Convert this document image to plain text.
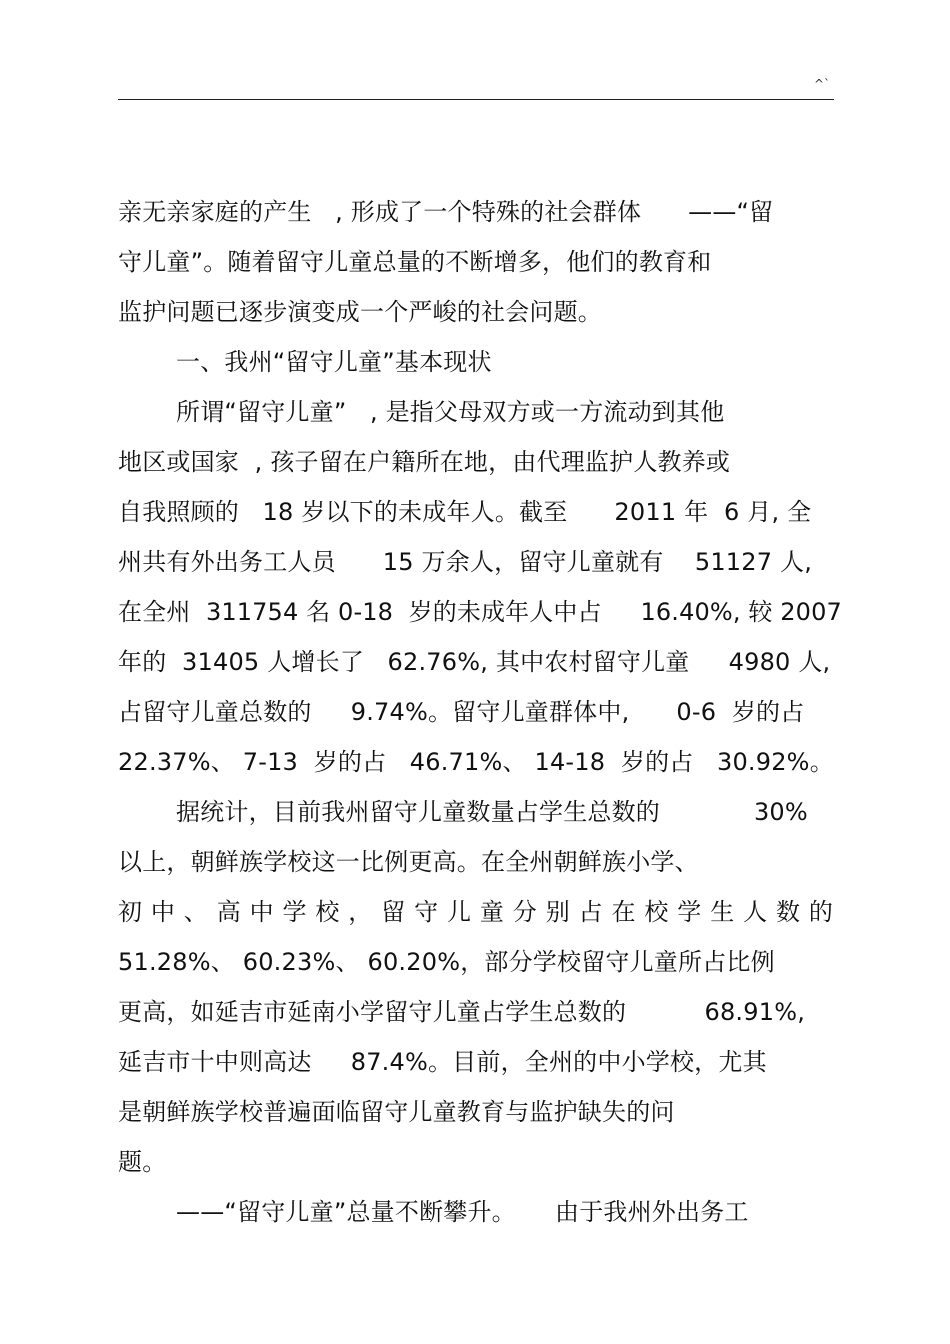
^`
亲无亲家庭的产生   , 形成了一个特殊的社会群体      ——“留
守儿童”。随着留守儿童总量的不断增多，他们的教育和
监护问题已逐步演变成一个严峻的社会问题。
一、我州“留守儿童”基本现状
所谓“留守儿童”   , 是指父母双方或一方流动到其他
地区或国家  , 孩子留在户籍所在地，由代理监护人教养或
自我照顾的   18 岁以下的未成年人。截至      2011 年  6 月, 全
州共有外出务工人员      15 万余人，留守儿童就有    51127 人,
在全州  311754 名 0-18  岁的未成年人中占     16.40%, 较 2007
年的  31405 人增长了   62.76%, 其中农村留守儿童     4980 人,
占留守儿童总数的     9.74%。留守儿童群体中,      0-6  岁的占
22.37%、 7-13  岁的占   46.71%、 14-18  岁的占   30.92%。
据统计，目前我州留守儿童数量占学生总数的            30%
以上，朝鲜族学校这一比例更高。在全州朝鲜族小学、
初中、高中学校，留守儿童分别占在校学生人数的
51.28%、 60.23%、 60.20%，部分学校留守儿童所占比例
更高，如延吉市延南小学留守儿童占学生总数的          68.91%,
延吉市十中则高达     87.4%。目前，全州的中小学校，尤其
是朝鲜族学校普遍面临留守儿童教育与监护缺失的问
题。
——“留守儿童”总量不断攀升。     由于我州外出务工
